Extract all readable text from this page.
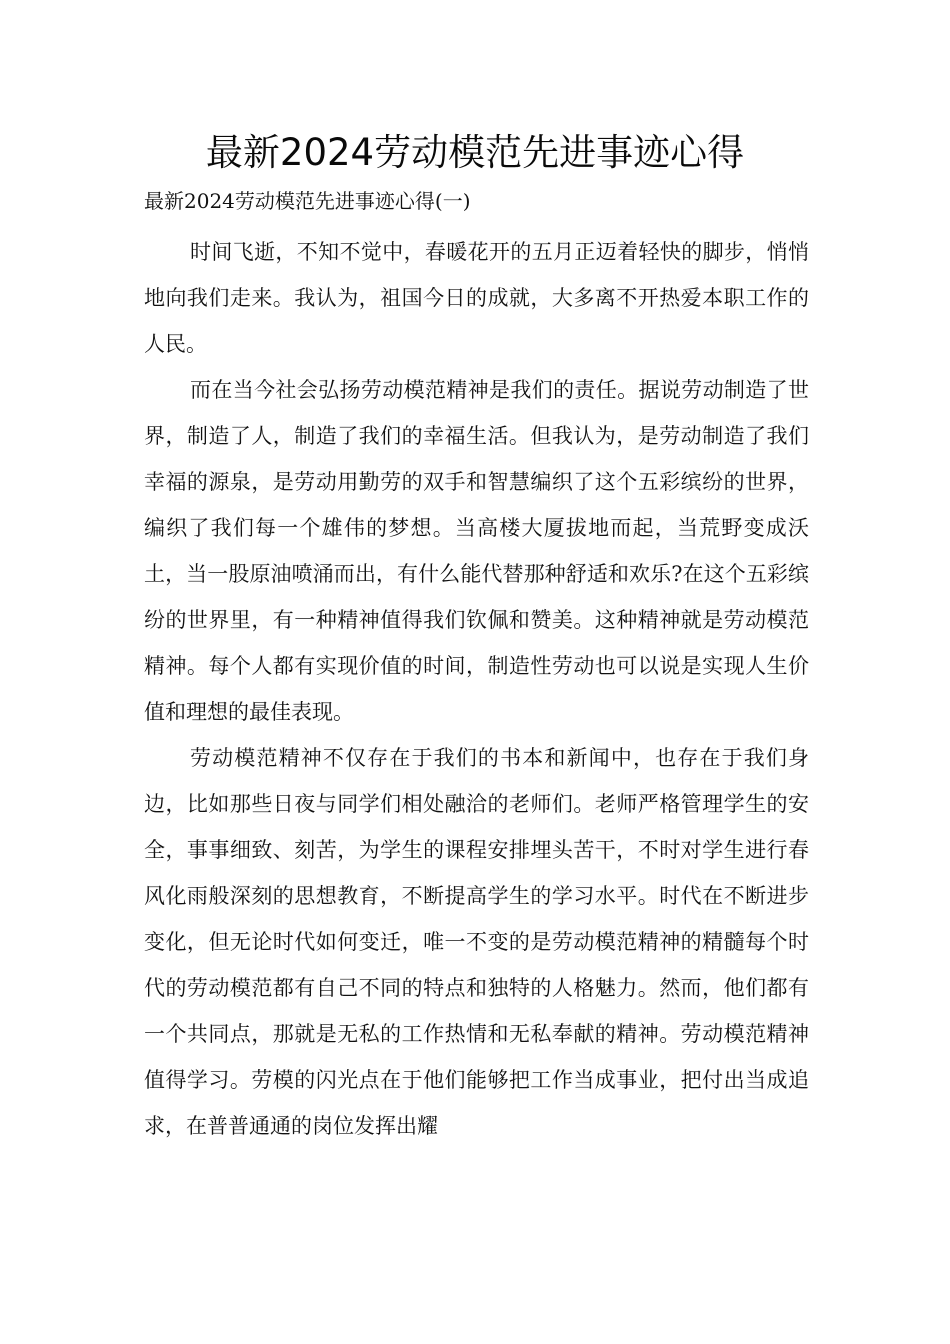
最新2024劳动模范先进事迹心得
最新2024劳动模范先进事迹心得(一)

时间飞逝，不知不觉中，春暖花开的五月正迈着轻快的脚步，悄悄地向我们走来。我认为，祖国今日的成就，大多离不开热爱本职工作的人民。

而在当今社会弘扬劳动模范精神是我们的责任。据说劳动制造了世界，制造了人，制造了我们的幸福生活。但我认为，是劳动制造了我们幸福的源泉，是劳动用勤劳的双手和智慧编织了这个五彩缤纷的世界，编织了我们每一个雄伟的梦想。当高楼大厦拔地而起，当荒野变成沃土，当一股原油喷涌而出，有什么能代替那种舒适和欢乐?在这个五彩缤纷的世界里，有一种精神值得我们钦佩和赞美。这种精神就是劳动模范精神。每个人都有实现价值的时间，制造性劳动也可以说是实现人生价值和理想的最佳表现。

劳动模范精神不仅存在于我们的书本和新闻中，也存在于我们身边，比如那些日夜与同学们相处融洽的老师们。老师严格管理学生的安全，事事细致、刻苦，为学生的课程安排埋头苦干，不时对学生进行春风化雨般深刻的思想教育，不断提高学生的学习水平。时代在不断进步变化，但无论时代如何变迁，唯一不变的是劳动模范精神的精髓每个时代的劳动模范都有自己不同的特点和独特的人格魅力。然而，他们都有一个共同点，那就是无私的工作热情和无私奉献的精神。劳动模范精神值得学习。劳模的闪光点在于他们能够把工作当成事业，把付出当成追求，在普普通通的岗位发挥出耀
